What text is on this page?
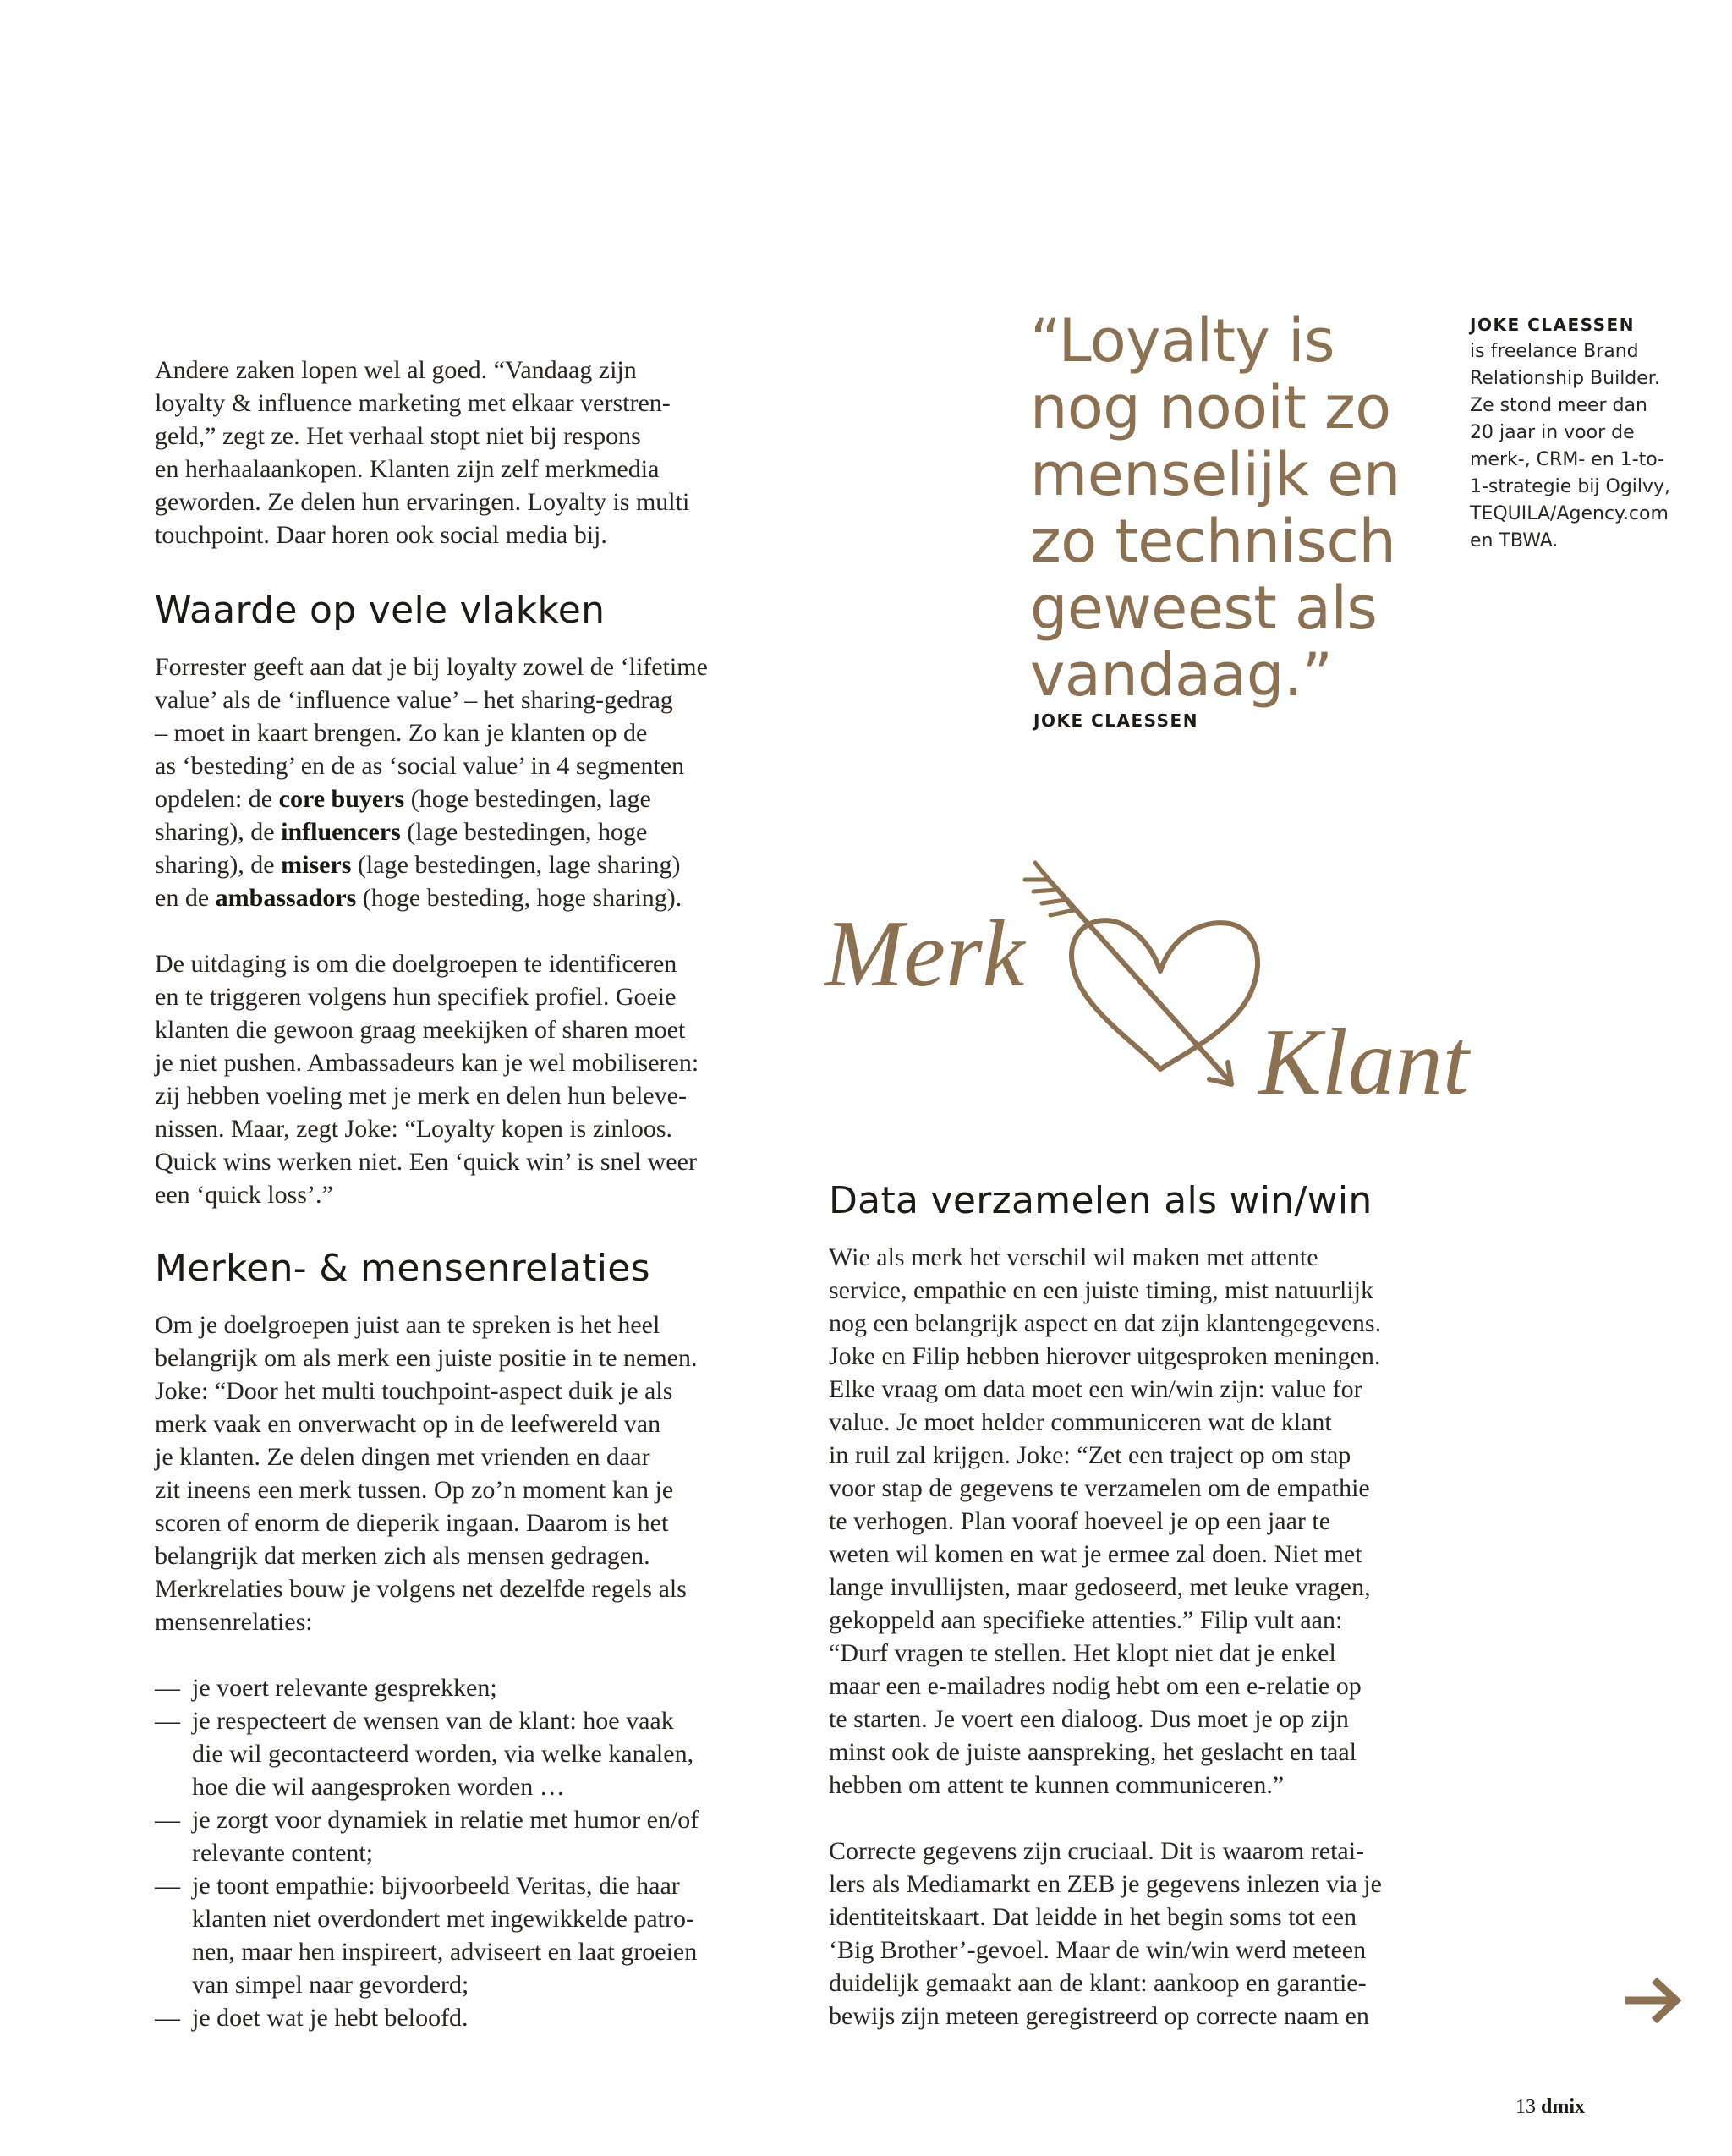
Andere zaken lopen wel al goed. “Vandaag zijn
loyalty & influence marketing met elkaar verstren-
geld,” zegt ze. Het verhaal stopt niet bij respons
en herhaalaankopen. Klanten zijn zelf merkmedia
geworden. Ze delen hun ervaringen. Loyalty is multi
touchpoint. Daar horen ook social media bij.

Waarde op vele vlakken

Forrester geeft aan dat je bij loyalty zowel de ‘lifetime
value’ als de ‘influence value’ – het sharing-gedrag
– moet in kaart brengen. Zo kan je klanten op de
as ‘besteding’ en de as ‘social value’ in 4 segmenten
opdelen: de core buyers (hoge bestedingen, lage
sharing), de influencers (lage bestedingen, hoge
sharing), de misers (lage bestedingen, lage sharing)
en de ambassadors (hoge besteding, hoge sharing).

De uitdaging is om die doelgroepen te identificeren
en te triggeren volgens hun specifiek profiel. Goeie
klanten die gewoon graag meekijken of sharen moet
je niet pushen. Ambassadeurs kan je wel mobiliseren:
zij hebben voeling met je merk en delen hun beleve-
nissen. Maar, zegt Joke: “Loyalty kopen is zinloos.
Quick wins werken niet. Een ‘quick win’ is snel weer
een ‘quick loss’.”

Merken- & mensenrelaties

Om je doelgroepen juist aan te spreken is het heel
belangrijk om als merk een juiste positie in te nemen.
Joke: “Door het multi touchpoint-aspect duik je als
merk vaak en onverwacht op in de leefwereld van
je klanten. Ze delen dingen met vrienden en daar
zit ineens een merk tussen. Op zo’n moment kan je
scoren of enorm de dieperik ingaan. Daarom is het
belangrijk dat merken zich als mensen gedragen.
Merkrelaties bouw je volgens net dezelfde regels als
mensenrelaties:

— je voert relevante gesprekken;
— je respecteert de wensen van de klant: hoe vaak
die wil gecontacteerd worden, via welke kanalen,
hoe die wil aangesproken worden …
— je zorgt voor dynamiek in relatie met humor en/of
relevante content;
— je toont empathie: bijvoorbeeld Veritas, die haar
klanten niet overdondert met ingewikkelde patro-
nen, maar hen inspireert, adviseert en laat groeien
van simpel naar gevorderd;
— je doet wat je hebt beloofd.

“Loyalty is
nog nooit zo
menselijk en
zo technisch
geweest als
vandaag.”

JOKE CLAESSEN
JOKE CLAESSEN
is freelance Brand
Relationship Builder.
Ze stond meer dan
20 jaar in voor de
merk-, CRM- en 1-to-
1-strategie bij Ogilvy,
TEQUILA/Agency.com
en TBWA.
Merk
Klant
Data verzamelen als win/win

Wie als merk het verschil wil maken met attente
service, empathie en een juiste timing, mist natuurlijk
nog een belangrijk aspect en dat zijn klantengegevens.
Joke en Filip hebben hierover uitgesproken meningen.
Elke vraag om data moet een win/win zijn: value for
value. Je moet helder communiceren wat de klant
in ruil zal krijgen. Joke: “Zet een traject op om stap
voor stap de gegevens te verzamelen om de empathie
te verhogen. Plan vooraf hoeveel je op een jaar te
weten wil komen en wat je ermee zal doen. Niet met
lange invullijsten, maar gedoseerd, met leuke vragen,
gekoppeld aan specifieke attenties.” Filip vult aan:
“Durf vragen te stellen. Het klopt niet dat je enkel
maar een e-mailadres nodig hebt om een e-relatie op
te starten. Je voert een dialoog. Dus moet je op zijn
minst ook de juiste aanspreking, het geslacht en taal
hebben om attent te kunnen communiceren.”

Correcte gegevens zijn cruciaal. Dit is waarom retai-
lers als Mediamarkt en ZEB je gegevens inlezen via je
identiteitskaart. Dat leidde in het begin soms tot een
‘Big Brother’-gevoel. Maar de win/win werd meteen
duidelijk gemaakt aan de klant: aankoop en garantie-
bewijs zijn meteen geregistreerd op correcte naam en

13 dmix
